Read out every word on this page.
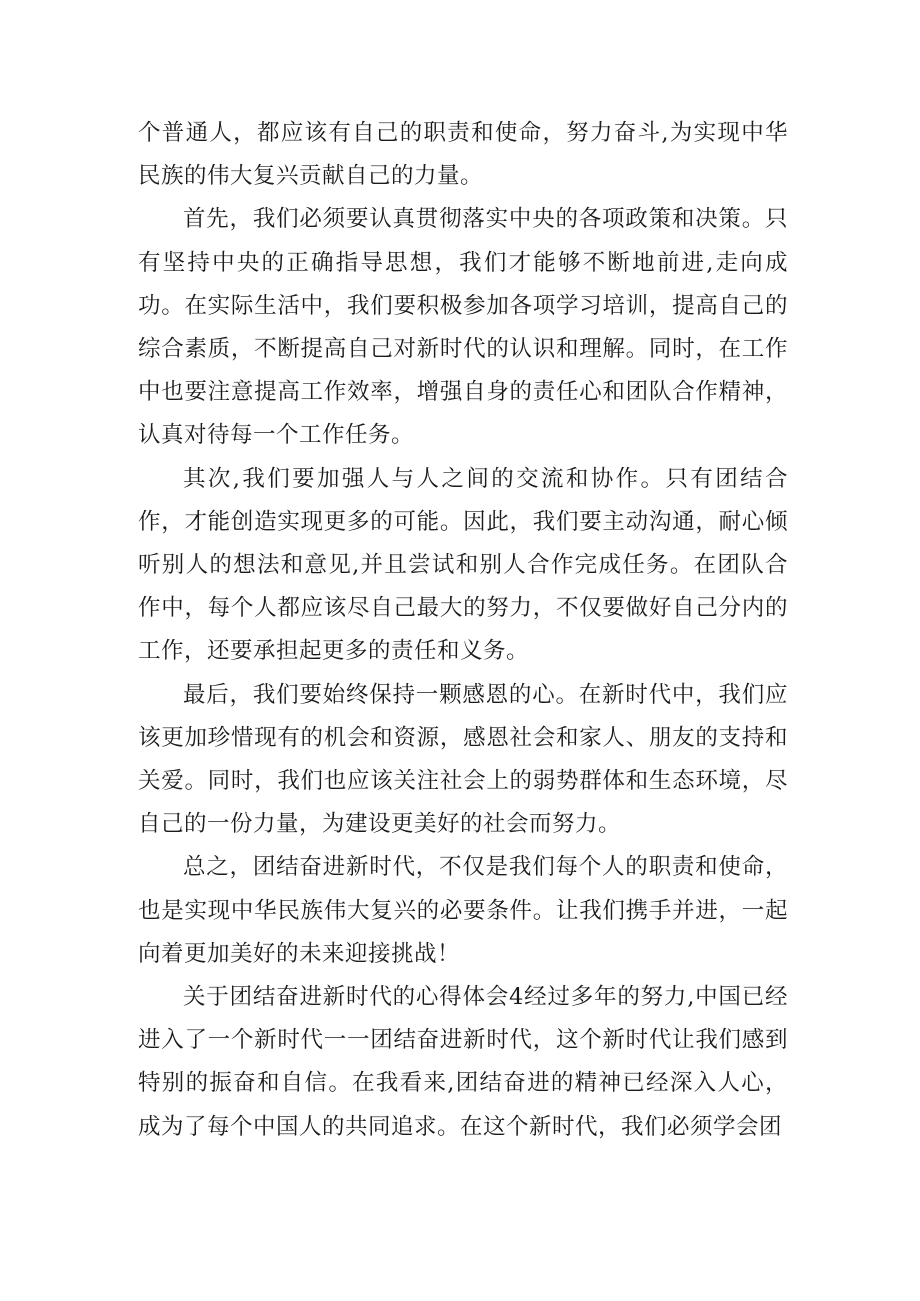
个普通人，都应该有自己的职责和使命，努力奋斗,为实现中华民族的伟大复兴贡献自己的力量。

首先，我们必须要认真贯彻落实中央的各项政策和决策。只有坚持中央的正确指导思想，我们才能够不断地前进,走向成功。在实际生活中，我们要积极参加各项学习培训，提高自己的综合素质，不断提高自己对新时代的认识和理解。同时，在工作中也要注意提高工作效率，增强自身的责任心和团队合作精神，认真对待每一个工作任务。

其次,我们要加强人与人之间的交流和协作。只有团结合作，才能创造实现更多的可能。因此，我们要主动沟通，耐心倾听别人的想法和意见,并且尝试和别人合作完成任务。在团队合作中，每个人都应该尽自己最大的努力，不仅要做好自己分内的工作，还要承担起更多的责任和义务。

最后，我们要始终保持一颗感恩的心。在新时代中，我们应该更加珍惜现有的机会和资源，感恩社会和家人、朋友的支持和关爱。同时，我们也应该关注社会上的弱势群体和生态环境，尽自己的一份力量，为建设更美好的社会而努力。

总之，团结奋进新时代，不仅是我们每个人的职责和使命，也是实现中华民族伟大复兴的必要条件。让我们携手并进，一起向着更加美好的未来迎接挑战！

关于团结奋进新时代的心得体会4经过多年的努力,中国已经进入了一个新时代一一团结奋进新时代，这个新时代让我们感到特别的振奋和自信。在我看来,团结奋进的精神已经深入人心，成为了每个中国人的共同追求。在这个新时代，我们必须学会团
